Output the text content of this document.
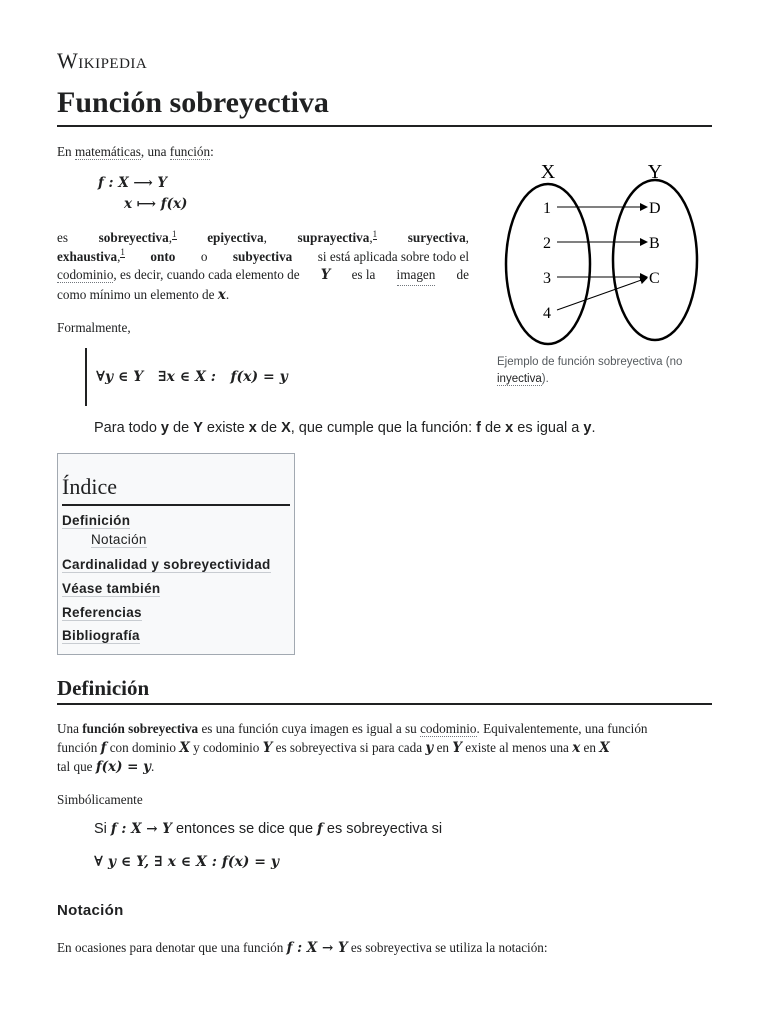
Wikipedia
Función sobreyectiva
En matemáticas, una función:
f : X ⟶ Y
x ⟼ f(x)
es sobreyectiva,$^1$ epiyectiva, suprayectiva,$^1$ suryectiva,
exhaustiva,$^1$ onto o subyectiva si está aplicada sobre todo el
codominio, es decir, cuando cada elemento de Y es la imagen de
como mínimo un elemento de x.
Formalmente,
∀y ∈ Y   ∃x ∈ X :   f(x) = y
Para todo y de Y existe x de X, que cumple que la función: f de x es igual a y.
X	Y
1
2
3
4
D
B
C
Ejemplo de función sobreyectiva (no inyectiva).
Índice
Definición
Notación
Cardinalidad y sobreyectividad
Véase también
Referencias
Bibliografía
Definición
Una función sobreyectiva es una función cuya imagen es igual a su codominio. Equivalentemente, una función
función f con dominio X y codominio Y es sobreyectiva si para cada y en Y existe al menos una x en X
tal que f(x) = y.
Simbólicamente
Si f : X → Y entonces se dice que f es sobreyectiva si
∀ y ∈ Y, ∃ x ∈ X : f(x) = y
Notación
En ocasiones para denotar que una función f : X → Y es sobreyectiva se utiliza la notación:
